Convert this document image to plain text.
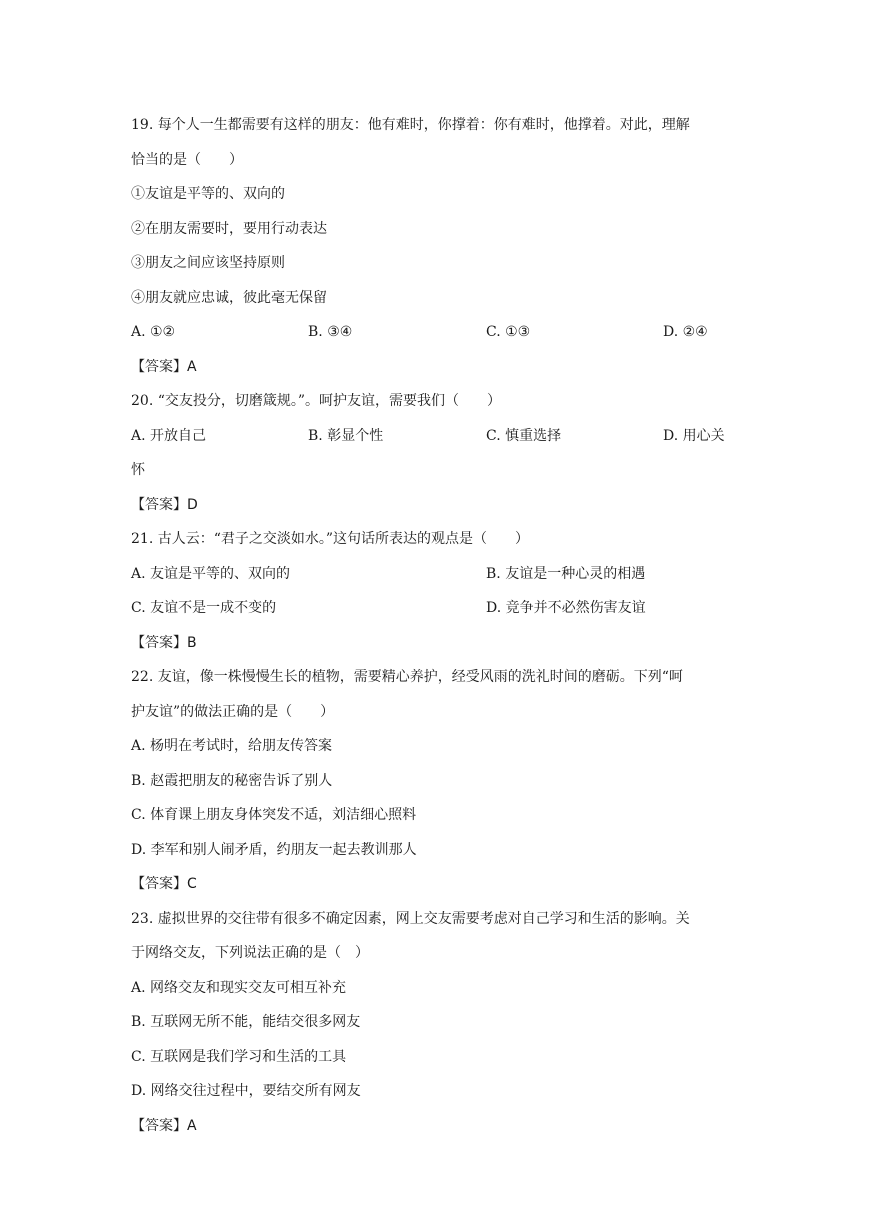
19. 每个人一生都需要有这样的朋友：他有难时，你撑着：你有难时，他撑着。对此，理解
恰当的是（　　）
①友谊是平等的、双向的
②在朋友需要时，要用行动表达
③朋友之间应该坚持原则
④朋友就应忠诚，彼此毫无保留
A. ①②	B. ③④	C. ①③	D. ②④
【答案】A
20. “交友投分，切磨箴规。”。呵护友谊，需要我们（　　）
A. 开放自己	B. 彰显个性	C. 慎重选择	D. 用心关
怀
【答案】D
21. 古人云：“君子之交淡如水。”这句话所表达的观点是（　　）
A. 友谊是平等的、双向的	B. 友谊是一种心灵的相遇
C. 友谊不是一成不变的	D. 竞争并不必然伤害友谊
【答案】B
22. 友谊，像一株慢慢生长的植物，需要精心养护，经受风雨的洗礼时间的磨砺。下列“呵
护友谊”的做法正确的是（　　）
A. 杨明在考试时，给朋友传答案
B. 赵霞把朋友的秘密告诉了别人
C. 体育课上朋友身体突发不适，刘洁细心照料
D. 李军和别人闹矛盾，约朋友一起去教训那人
【答案】C
23. 虚拟世界的交往带有很多不确定因素，网上交友需要考虑对自己学习和生活的影响。关
于网络交友，下列说法正确的是（　）
A. 网络交友和现实交友可相互补充
B. 互联网无所不能，能结交很多网友
C. 互联网是我们学习和生活的工具
D. 网络交往过程中，要结交所有网友
【答案】A
